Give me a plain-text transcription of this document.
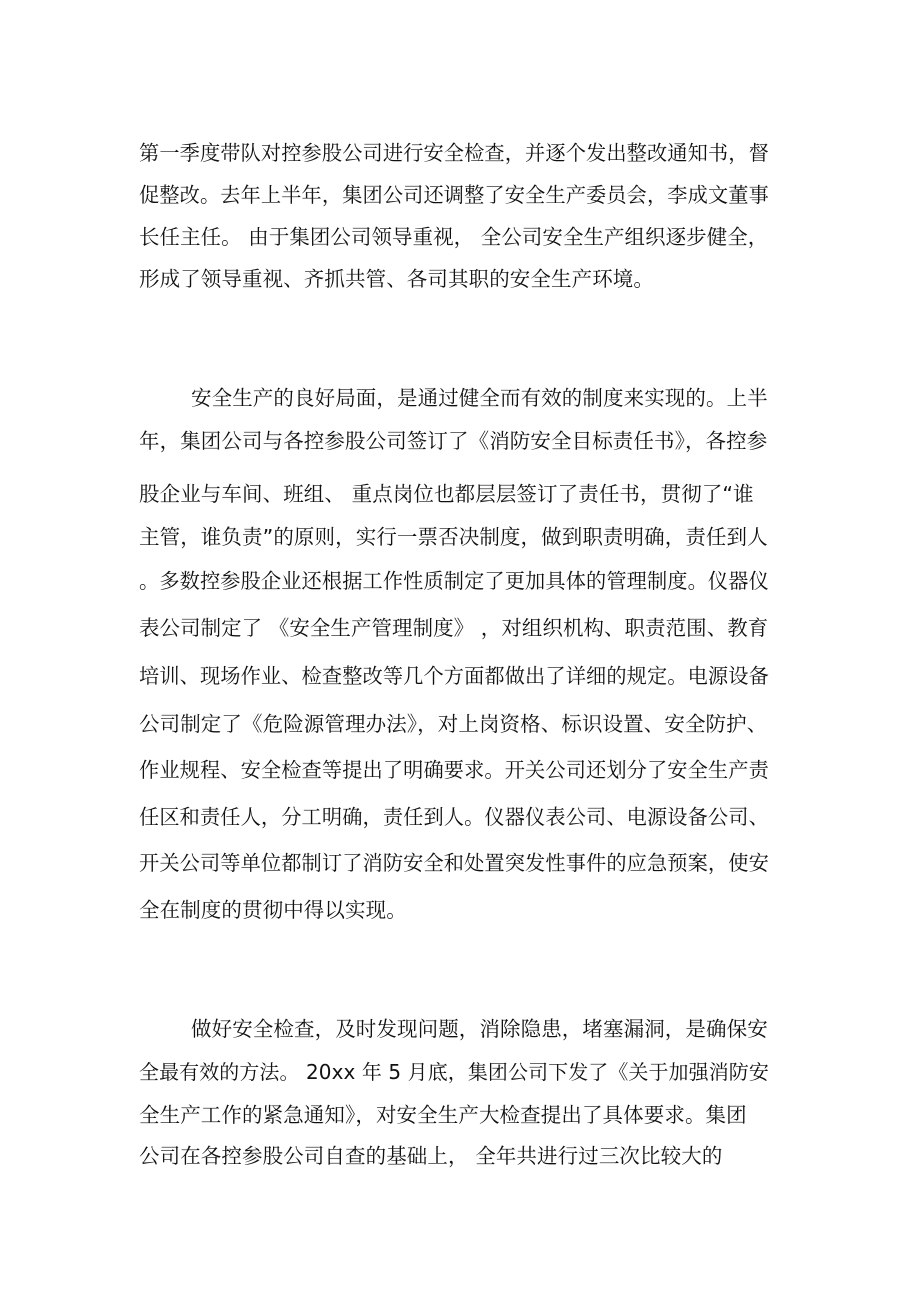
第一季度带队对控参股公司进行安全检查，并逐个发出整改通知书，督
促整改。去年上半年，集团公司还调整了安全生产委员会，李成文董事
长任主任。 由于集团公司领导重视， 全公司安全生产组织逐步健全，
形成了领导重视、齐抓共管、各司其职的安全生产环境。
安全生产的良好局面，是通过健全而有效的制度来实现的。上半
年，集团公司与各控参股公司签订了《消防安全目标责任书》，各控参
股企业与车间、班组、 重点岗位也都层层签订了责任书，贯彻了“谁
主管，谁负责”的原则，实行一票否决制度，做到职责明确，责任到人
。多数控参股企业还根据工作性质制定了更加具体的管理制度。仪器仪
表公司制定了 《安全生产管理制度》 ，对组织机构、职责范围、教育
培训、现场作业、检查整改等几个方面都做出了详细的规定。电源设备
公司制定了《危险源管理办法》，对上岗资格、标识设置、安全防护、
作业规程、安全检查等提出了明确要求。开关公司还划分了安全生产责
任区和责任人，分工明确，责任到人。仪器仪表公司、电源设备公司、
开关公司等单位都制订了消防安全和处置突发性事件的应急预案，使安
全在制度的贯彻中得以实现。
做好安全检查，及时发现问题，消除隐患，堵塞漏洞，是确保安
全最有效的方法。 20xx 年 5 月底，集团公司下发了《关于加强消防安
全生产工作的紧急通知》，对安全生产大检查提出了具体要求。集团
公司在各控参股公司自查的基础上， 全年共进行过三次比较大的
